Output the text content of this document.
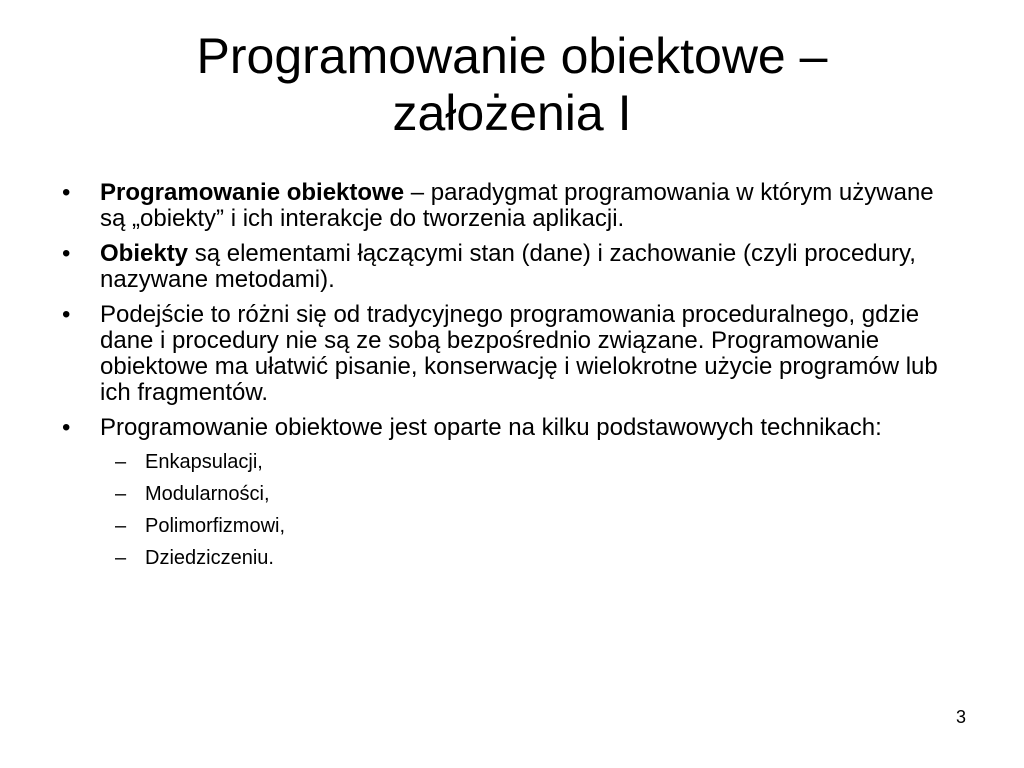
Programowanie obiektowe –
założenia I
• Programowanie obiektowe – paradygmat programowania w którym używane są „obiekty” i ich interakcje do tworzenia aplikacji.
• Obiekty są elementami łączącymi stan (dane) i zachowanie (czyli procedury, nazywane metodami).
• Podejście to różni się od tradycyjnego programowania proceduralnego, gdzie dane i procedury nie są ze sobą bezpośrednio związane. Programowanie obiektowe ma ułatwić pisanie, konserwację i wielokrotne użycie programów lub ich fragmentów.
• Programowanie obiektowe jest oparte na kilku podstawowych technikach:
– Enkapsulacji,
– Modularności,
– Polimorfizmowi,
– Dziedziczeniu.
3
